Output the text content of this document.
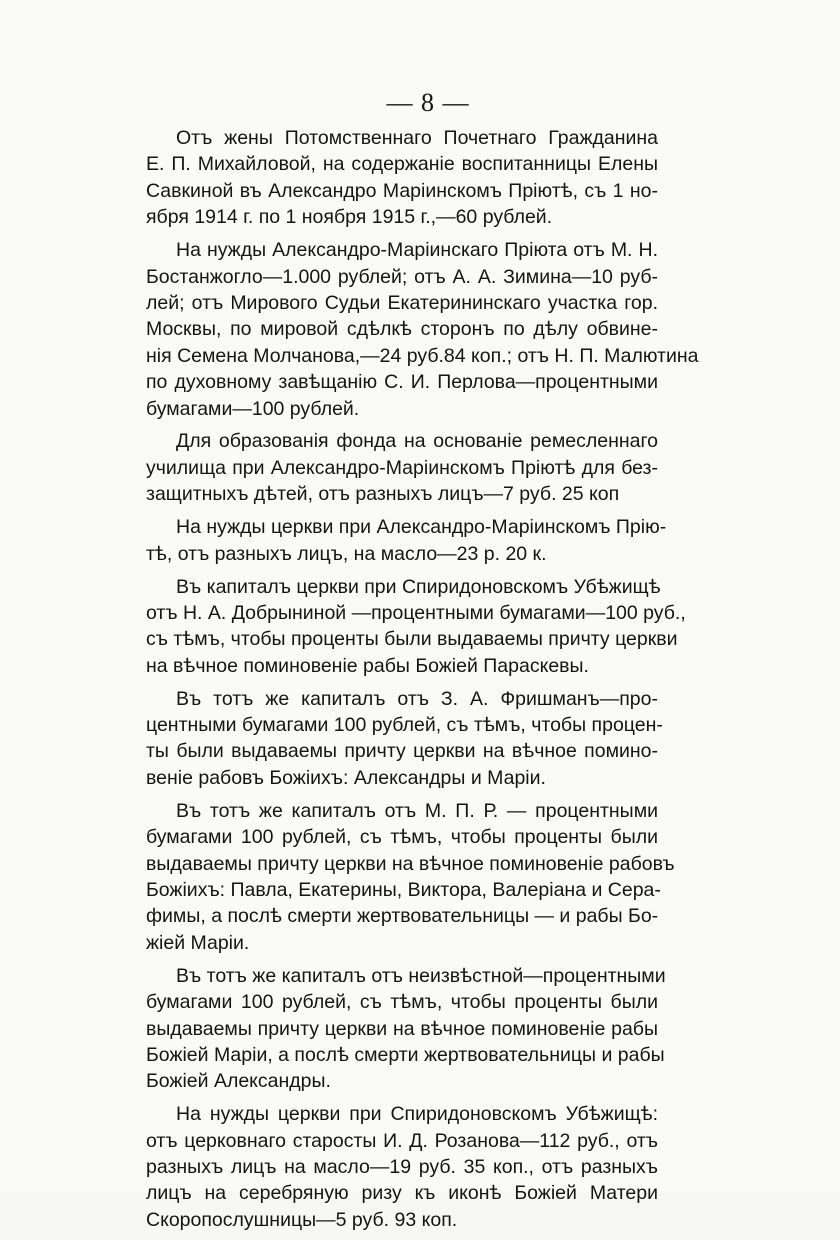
— 8 —
Отъ жены Потомственнаго Почетнаго Гражданина
Е. П. Михайловой, на содержаніе воспитанницы Елены
Савкиной въ Александро Маріинскомъ Пріютѣ, съ 1 но-
ября 1914 г. по 1 ноября 1915 г.,—60 рублей.
На нужды Александро-Маріинскаго Пріюта отъ М. Н.
Бостанжогло—1.000 рублей; отъ А. А. Зимина—10 руб-
лей; отъ Мирового Судьи Екатерининскаго участка гор.
Москвы, по мировой сдѣлкѣ сторонъ по дѣлу обвине-
нія Семена Молчанова,—24 руб.84 коп.; отъ Н. П. Малютина
по духовному завѣщанію С. И. Перлова—процентными
бумагами—100 рублей.
Для образованія фонда на основаніе ремесленнаго
училища при Александро-Маріинскомъ Пріютѣ для без-
защитныхъ дѣтей, отъ разныхъ лицъ—7 руб. 25 коп
На нужды церкви при Александро-Маріинскомъ Прію-
тѣ, отъ разныхъ лицъ, на масло—23 р. 20 к.
Въ капиталъ церкви при Спиридоновскомъ Убѣжищѣ
отъ Н. А. Добрыниной —процентными бумагами—100 руб.,
съ тѣмъ, чтобы проценты были выдаваемы причту церкви
на вѣчное поминовеніе рабы Божіей Параскевы.
Въ тотъ же капиталъ отъ З. А. Фришманъ—про-
центными бумагами 100 рублей, съ тѣмъ, чтобы процен-
ты были выдаваемы причту церкви на вѣчное помино-
веніе рабовъ Божіихъ: Александры и Маріи.
Въ тотъ же капиталъ отъ М. П. Р. — процентными
бумагами 100 рублей, съ тѣмъ, чтобы проценты были
выдаваемы причту церкви на вѣчное поминовеніе рабовъ
Божіихъ: Павла, Екатерины, Виктора, Валеріана и Сера-
фимы, а послѣ смерти жертвовательницы — и рабы Бо-
жіей Маріи.
Въ тотъ же капиталъ отъ неизвѣстной—процентными
бумагами 100 рублей, съ тѣмъ, чтобы проценты были
выдаваемы причту церкви на вѣчное поминовеніе рабы
Божіей Маріи, а послѣ смерти жертвовательницы и рабы
Божіей Александры.
На нужды церкви при Спиридоновскомъ Убѣжищѣ:
отъ церковнаго старосты И. Д. Розанова—112 руб., отъ
разныхъ лицъ на масло—19 руб. 35 коп., отъ разныхъ
лицъ на серебряную ризу къ иконѣ Божіей Матери
Скоропослушницы—5 руб. 93 коп.
